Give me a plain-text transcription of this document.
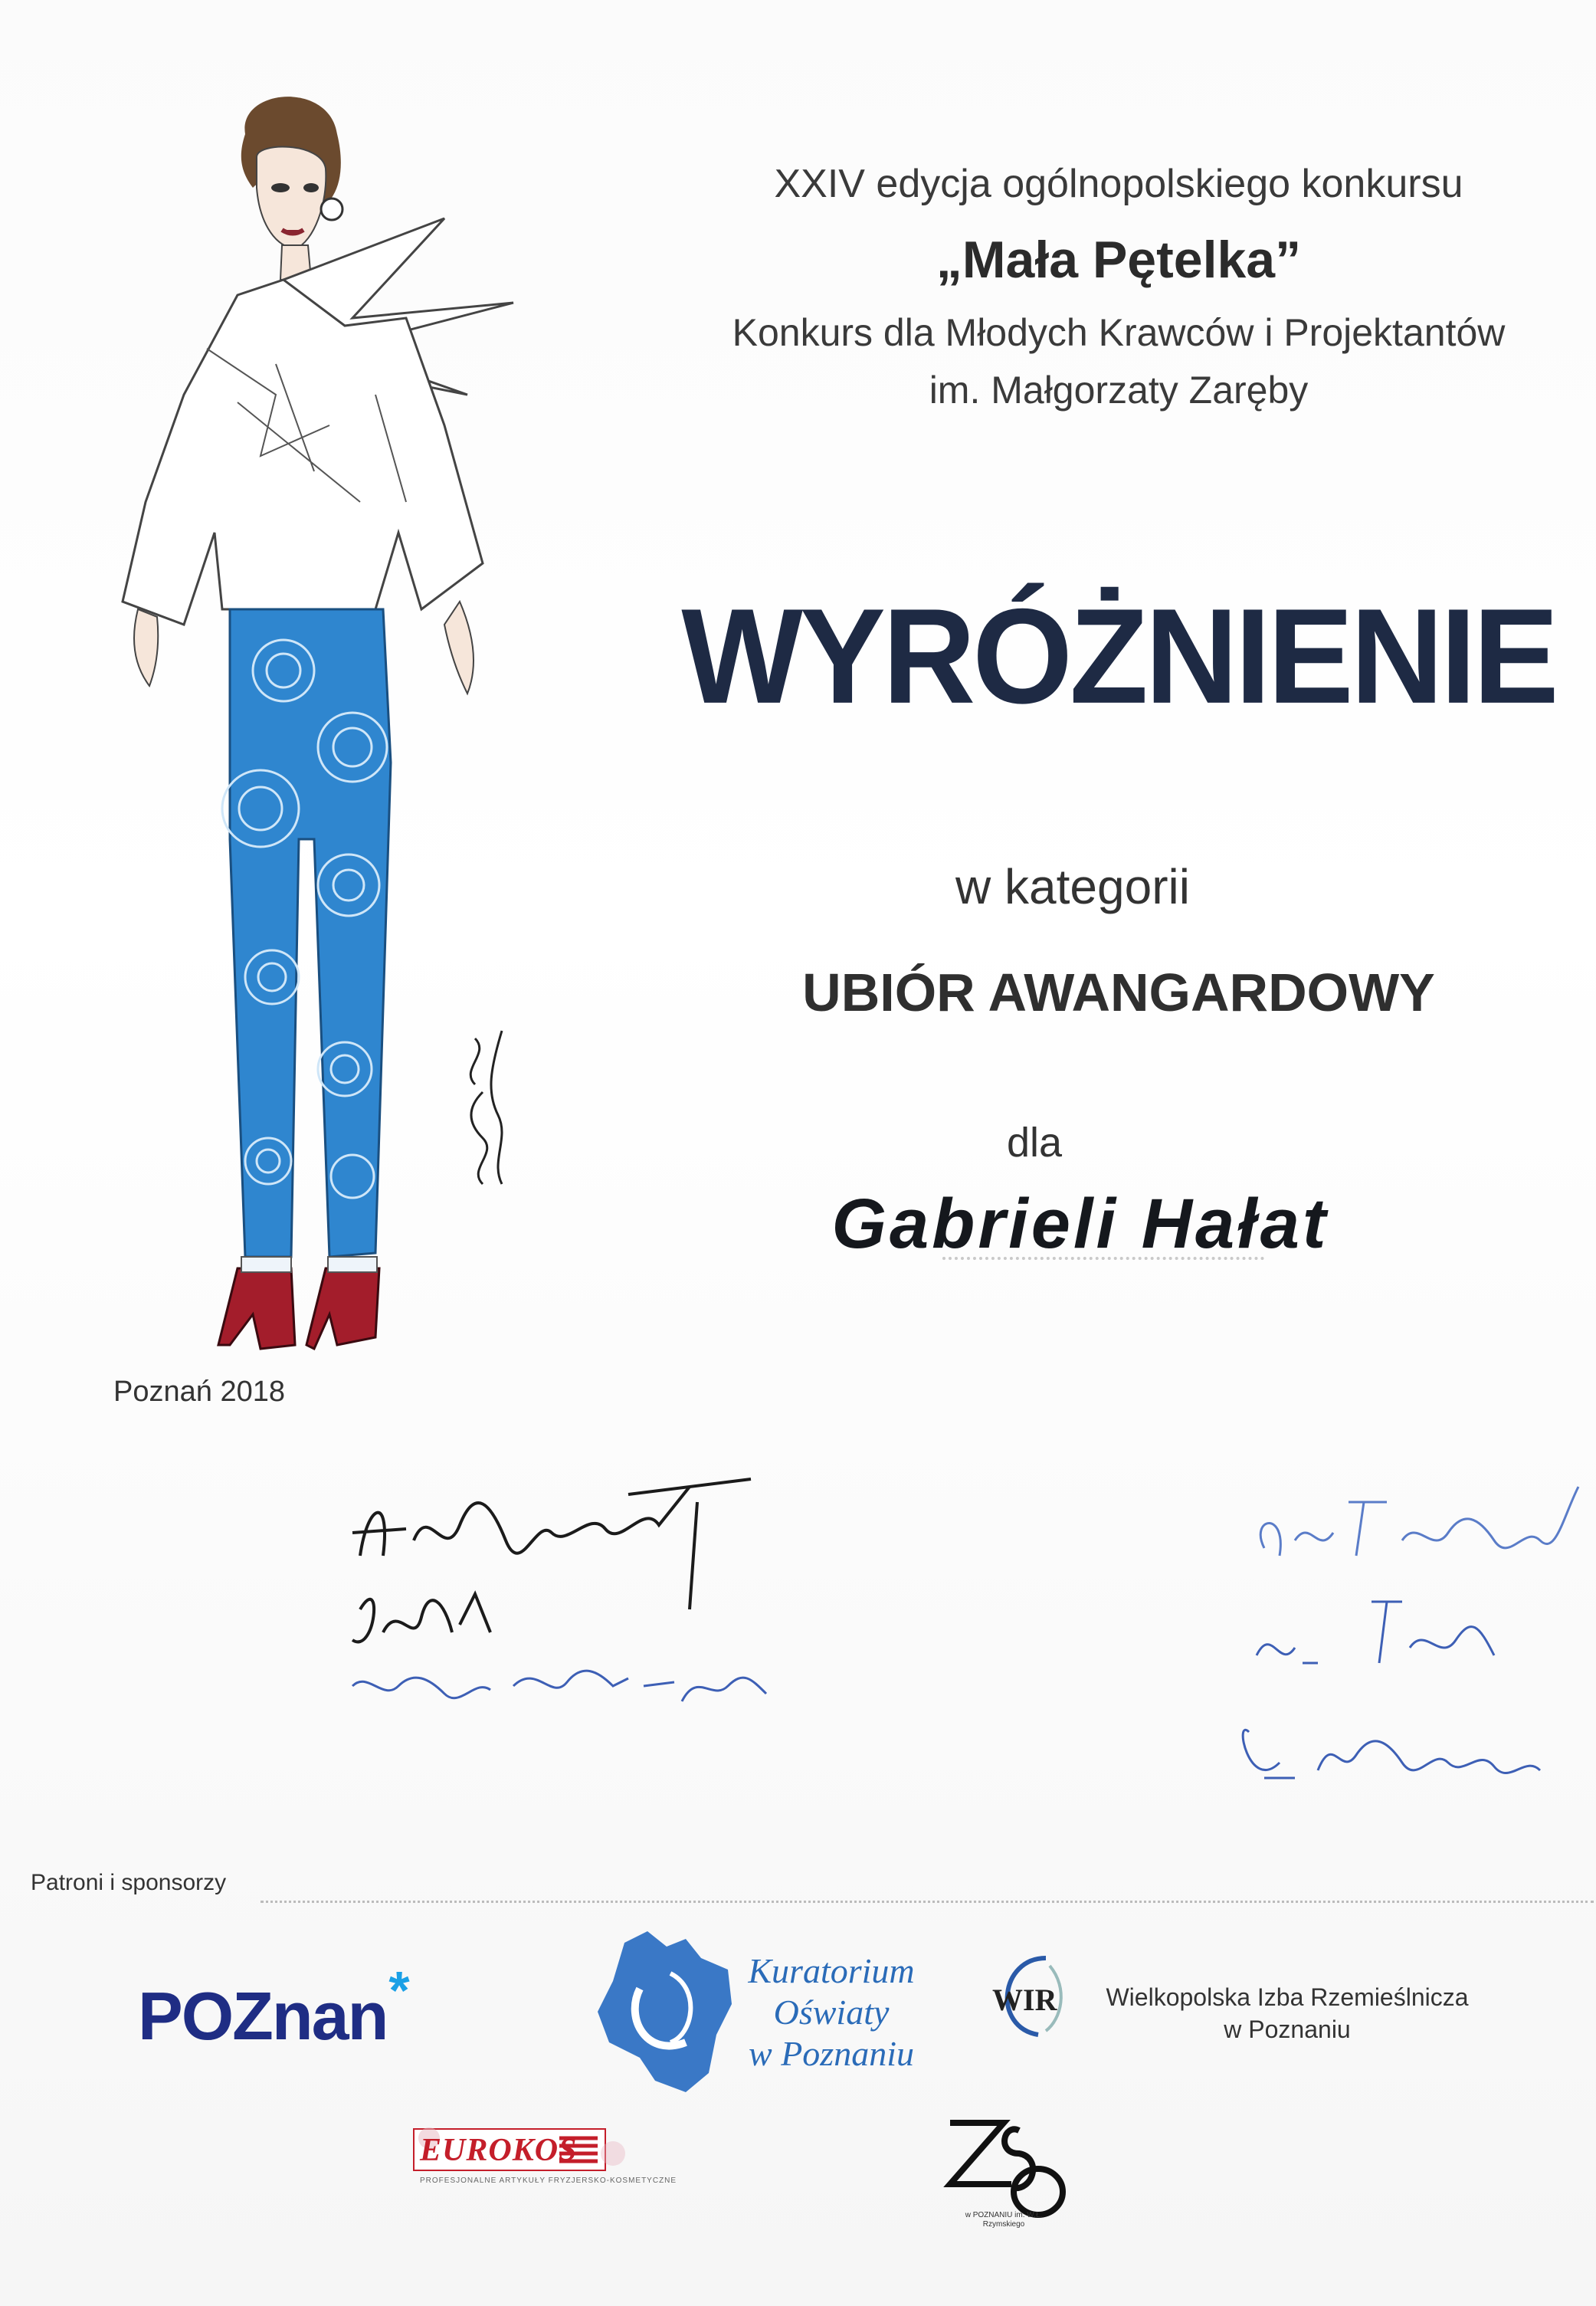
XXIV edycja ogólnopolskiego konkursu
„Mała Pętelka”
Konkurs dla Młodych Krawców i Projektantów
im. Małgorzaty Zaręby
WYRÓŻNIENIE
w kategorii
UBIÓR AWANGARDOWY
dla
Gabrieli Hałat
Poznań 2018
Patroni i sponsorzy
POZnan*	Kuratorium
Oświaty
w Poznaniu
WIR	Wielkopolska Izba Rzemieślnicza
w Poznaniu
EUROKOS
PROFESJONALNE ARTYKUŁY FRYZJERSKO-KOSMETYCZNE
w POZNANIU im. W.Ł. Rzymskiego
